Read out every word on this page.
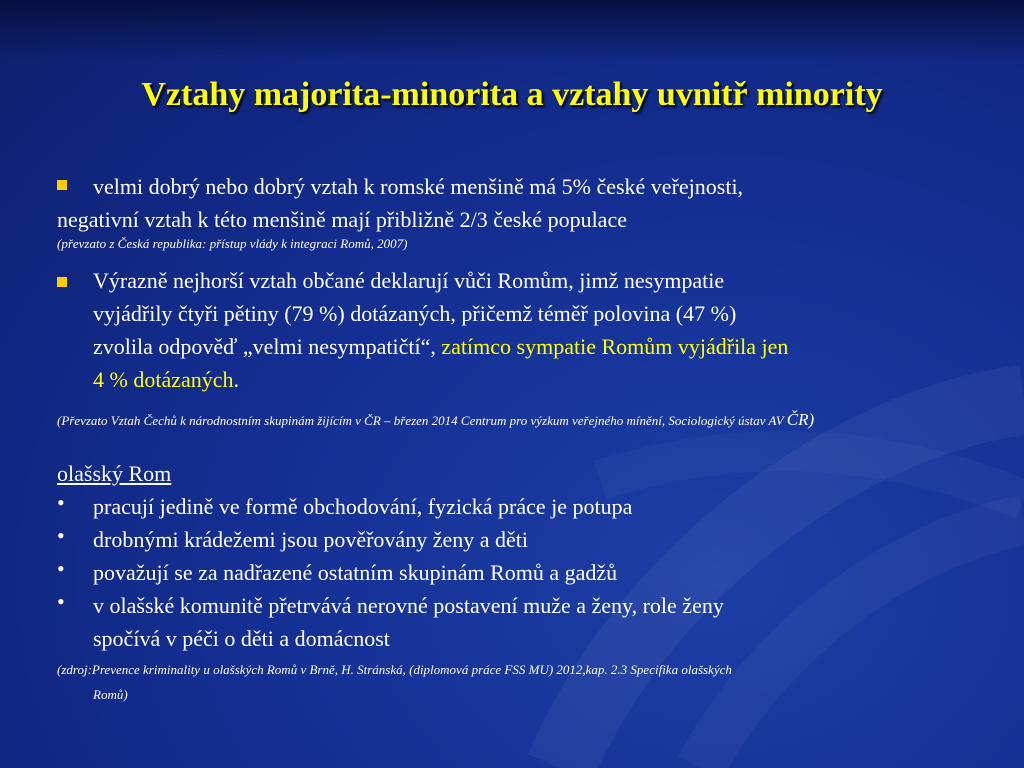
Vztahy majorita-minorita a vztahy uvnitř minority
velmi dobrý nebo dobrý vztah k romské menšině má 5% české veřejnosti,
negativní vztah k této menšině mají přibližně 2/3 české populace
(převzato z Česká republika: přístup vlády k integraci Romů, 2007)
Výrazně nejhorší vztah občané deklarují vůči Romům, jimž nesympatie
vyjádřily čtyři pětiny (79 %) dotázaných, přičemž téměř polovina (47 %)
zvolila odpověď „velmi nesympatičtí“, zatímco sympatie Romům vyjádřila jen
4 % dotázaných.
(Převzato Vztah Čechů k národnostním skupinám žijícím v ČR – březen 2014 Centrum pro výzkum veřejného mínění, Sociologický ústav AV ČR)
olašský Rom
• pracují jedině ve formě obchodování, fyzická práce je potupa
• drobnými krádežemi jsou pověřovány ženy a děti
• považují se za nadřazené ostatním skupinám Romů a gadžů
• v olašské komunitě přetrvává nerovné postavení muže a ženy, role ženy
spočívá v péči o děti a domácnost
(zdroj:Prevence kriminality u olašských Romů v Brně, H. Stránská, (diplomová práce FSS MU) 2012,kap. 2.3 Specifika olašských
Romů)
